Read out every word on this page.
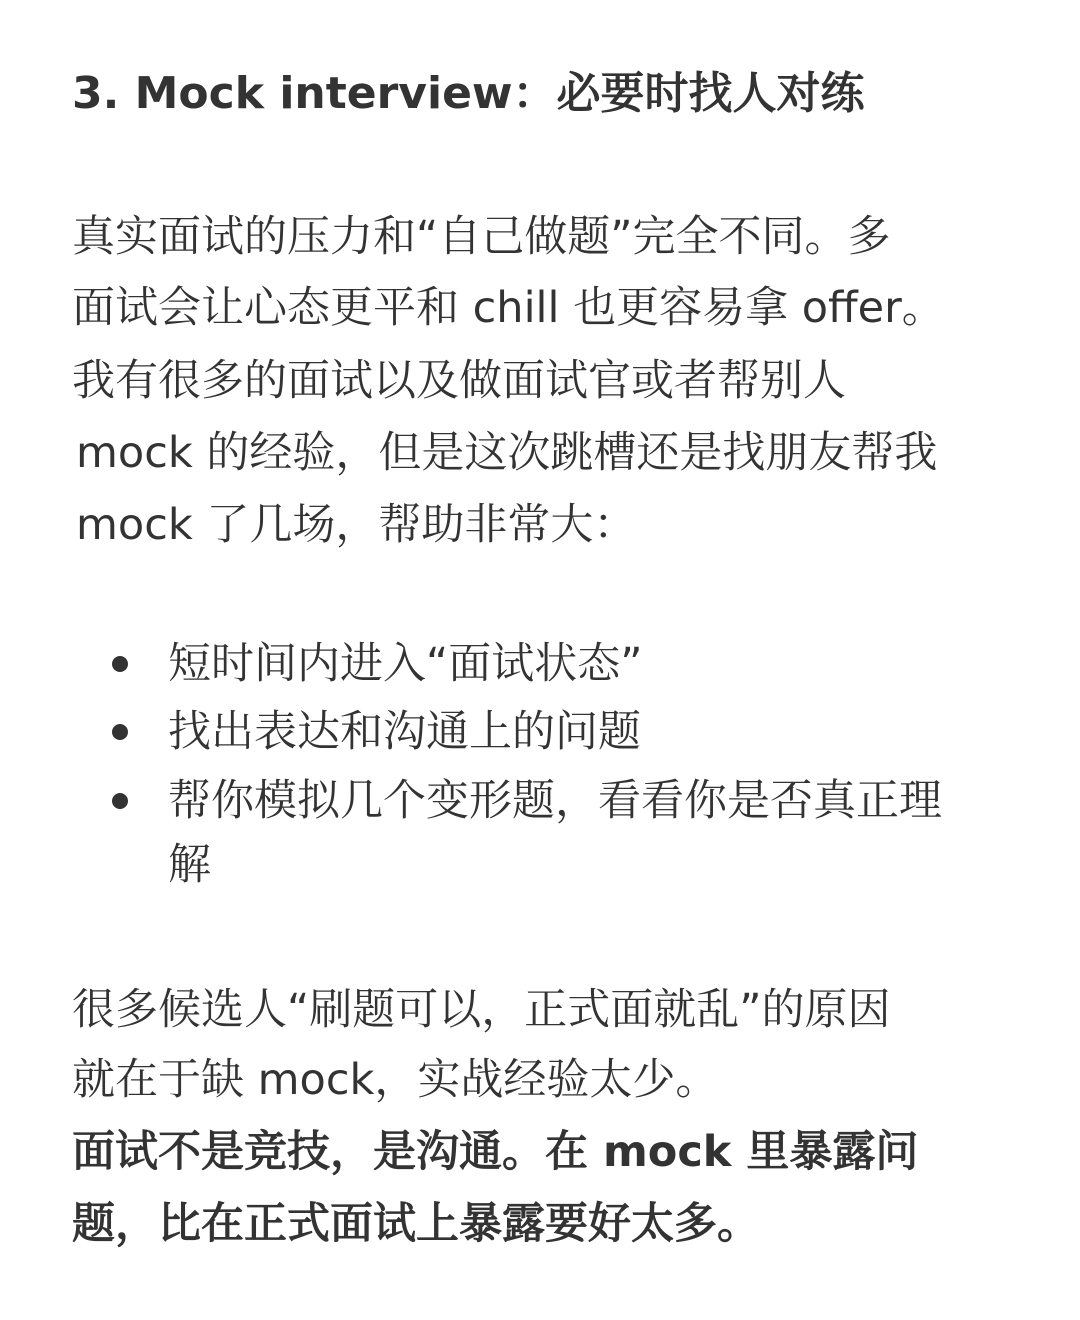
3. Mock interview：必要时找人对练

真实面试的压力和“自己做题”完全不同。多

面试会让心态更平和 chill 也更容易拿 offer。

我有很多的面试以及做面试官或者帮别人

mock 的经验，但是这次跳槽还是找朋友帮我

mock 了几场，帮助非常大：

短时间内进入“面试状态”

找出表达和沟通上的问题

帮你模拟几个变形题，看看你是否真正理

解

很多候选人“刷题可以，正式面就乱”的原因

就在于缺 mock，实战经验太少。

面试不是竞技，是沟通。在 mock 里暴露问

题，比在正式面试上暴露要好太多。
